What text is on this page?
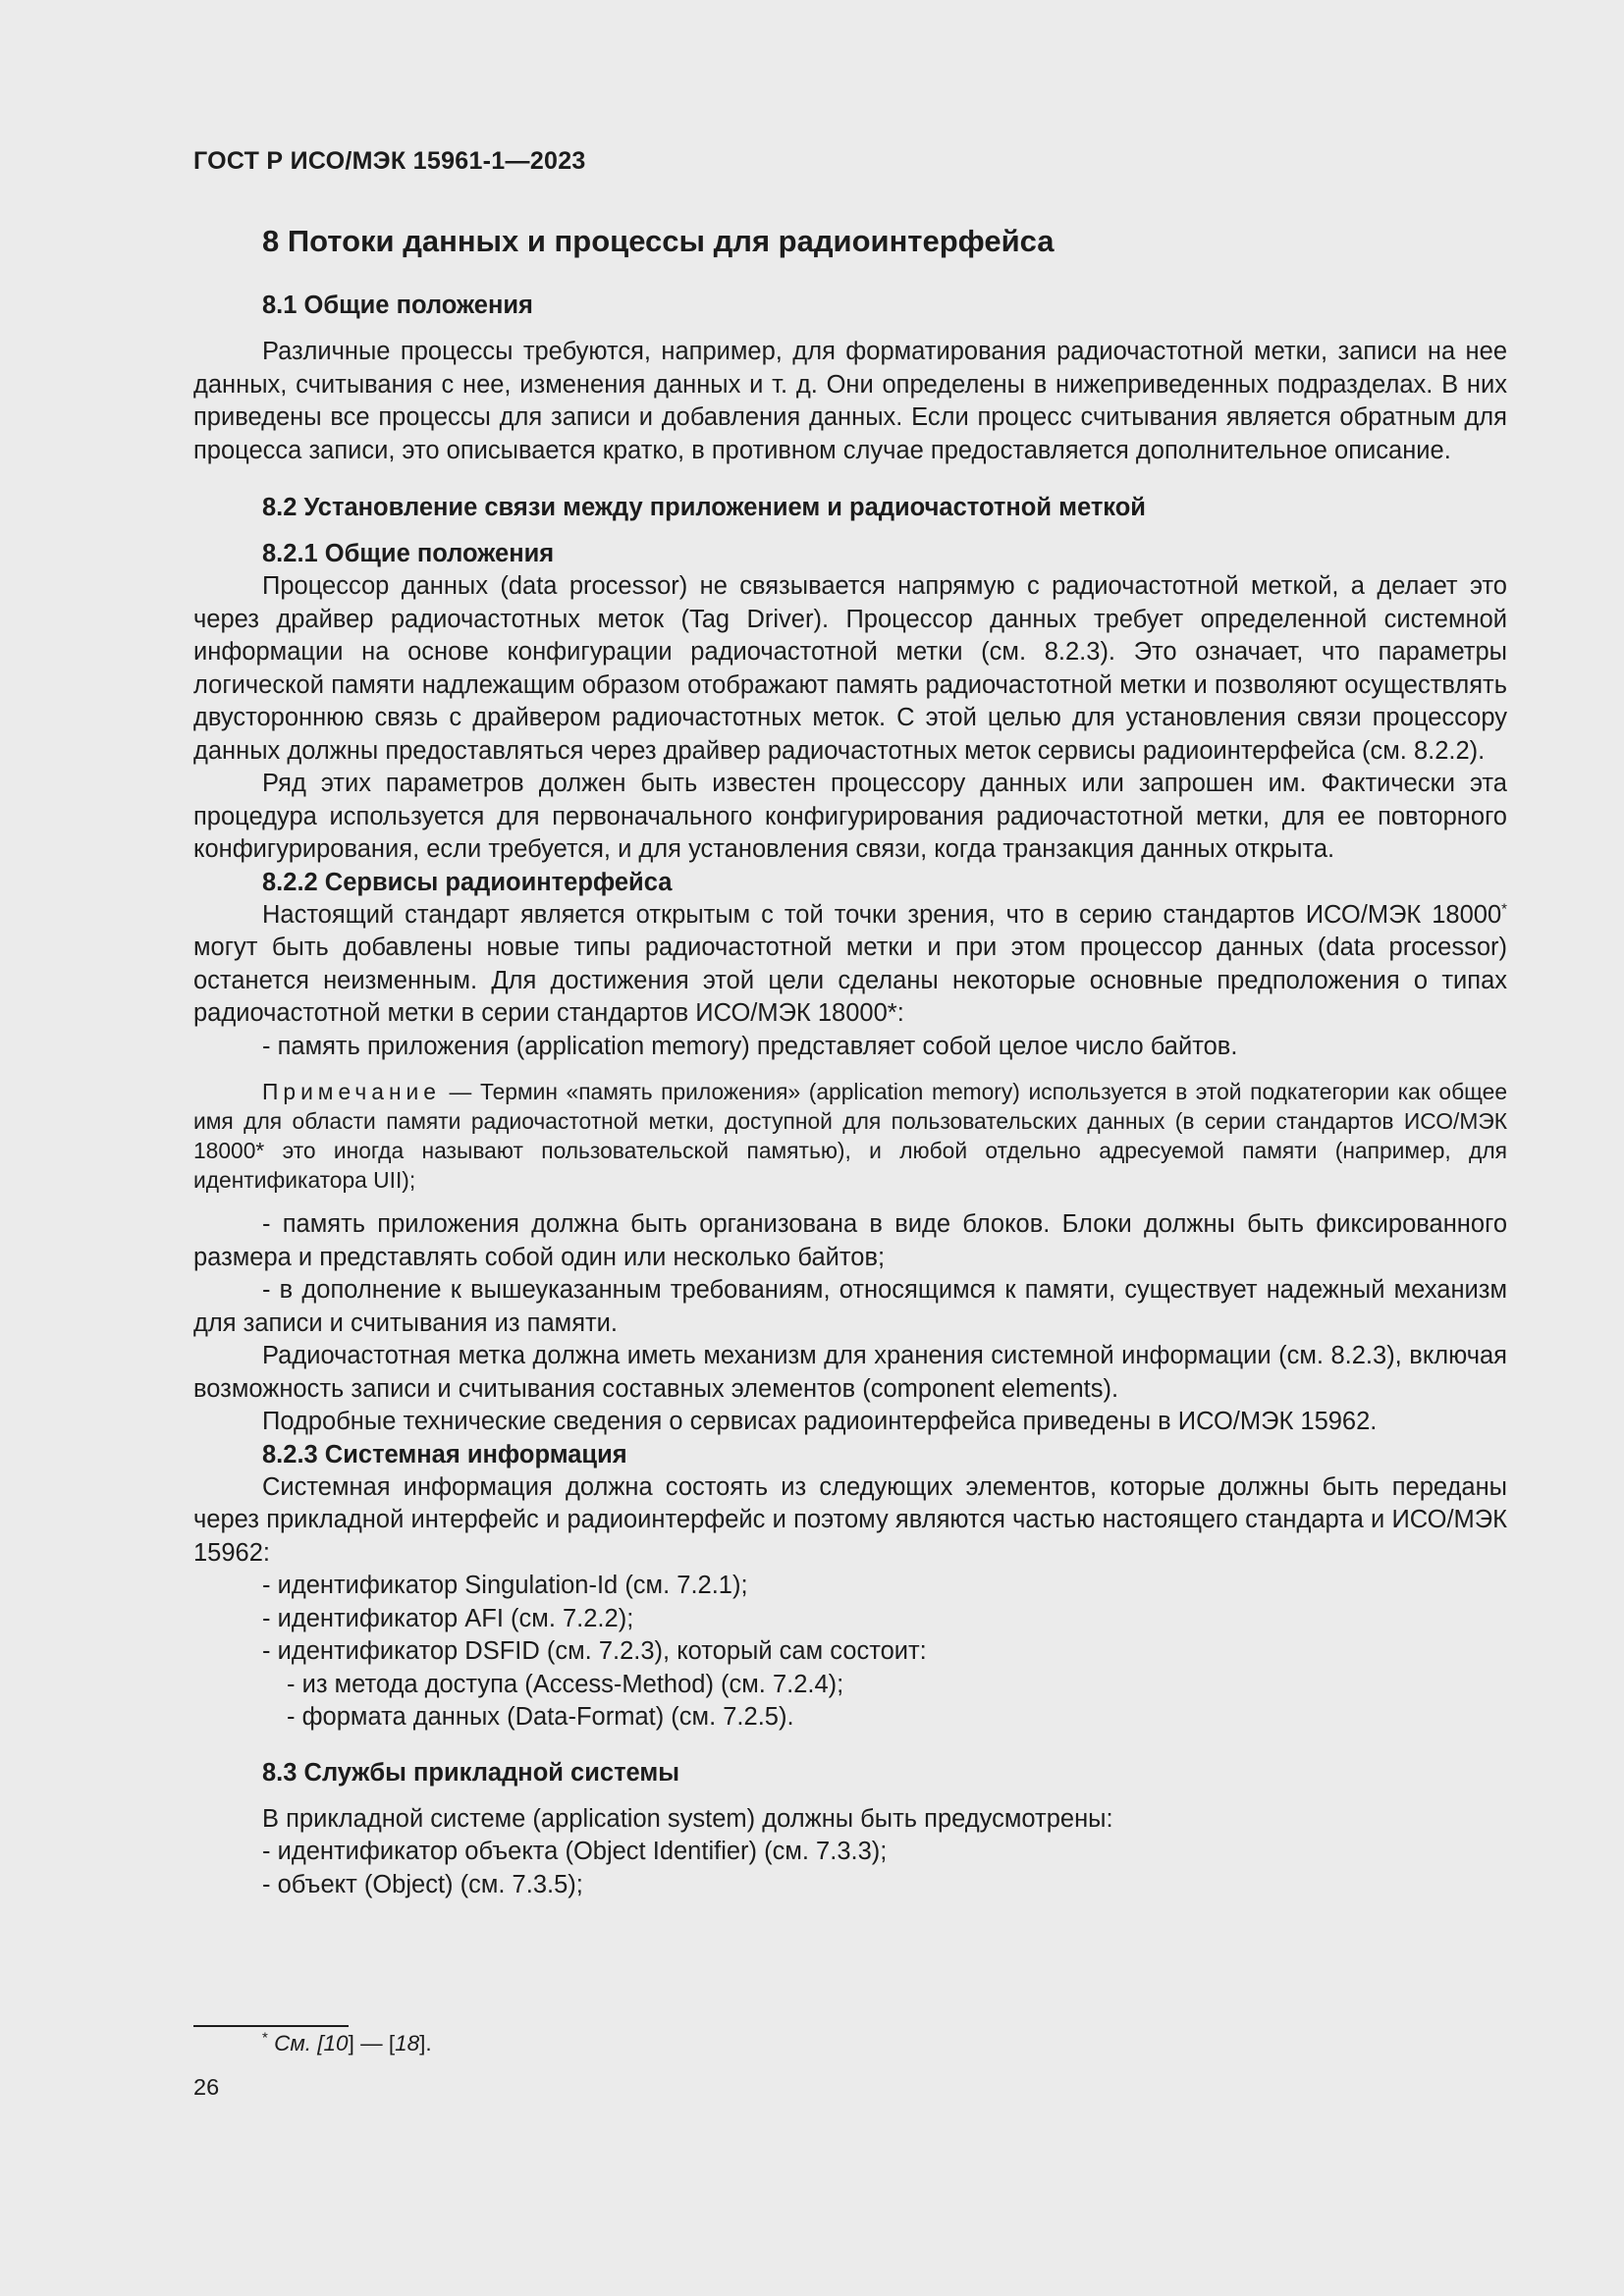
ГОСТ Р ИСО/МЭК 15961-1—2023
8 Потоки данных и процессы для радиоинтерфейса
8.1 Общие положения

Различные процессы требуются, например, для форматирования радиочастотной метки, записи на нее данных, считывания с нее, изменения данных и т. д. Они определены в нижеприведенных подразделах. В них приведены все процессы для записи и добавления данных. Если процесс считывания является обратным для процесса записи, это описывается кратко, в противном случае предоставляется дополнительное описание.

8.2 Установление связи между приложением и радиочастотной меткой
8.2.1 Общие положения

Процессор данных (data processor) не связывается напрямую с радиочастотной меткой, а делает это через драйвер радиочастотных меток (Tag Driver). Процессор данных требует определенной системной информации на основе конфигурации радиочастотной метки (см. 8.2.3). Это означает, что параметры логической памяти надлежащим образом отображают память радиочастотной метки и позволяют осуществлять двустороннюю связь с драйвером радиочастотных меток. С этой целью для установления связи процессору данных должны предоставляться через драйвер радиочастотных меток сервисы радиоинтерфейса (см. 8.2.2).

Ряд этих параметров должен быть известен процессору данных или запрошен им. Фактически эта процедура используется для первоначального конфигурирования радиочастотной метки, для ее повторного конфигурирования, если требуется, и для установления связи, когда транзакция данных открыта.

8.2.2 Сервисы радиоинтерфейса

Настоящий стандарт является открытым с той точки зрения, что в серию стандартов ИСО/МЭК 18000* могут быть добавлены новые типы радиочастотной метки и при этом процессор данных (data processor) останется неизменным. Для достижения этой цели сделаны некоторые основные предположения о типах радиочастотной метки в серии стандартов ИСО/МЭК 18000*:

- память приложения (application memory) представляет собой целое число байтов.

Примечание — Термин «память приложения» (application memory) используется в этой подкатегории как общее имя для области памяти радиочастотной метки, доступной для пользовательских данных (в серии стандартов ИСО/МЭК 18000* это иногда называют пользовательской памятью), и любой отдельно адресуемой памяти (например, для идентификатора UII);

- память приложения должна быть организована в виде блоков. Блоки должны быть фиксированного размера и представлять собой один или несколько байтов;

- в дополнение к вышеуказанным требованиям, относящимся к памяти, существует надежный механизм для записи и считывания из памяти.

Радиочастотная метка должна иметь механизм для хранения системной информации (см. 8.2.3), включая возможность записи и считывания составных элементов (component elements).

Подробные технические сведения о сервисах радиоинтерфейса приведены в ИСО/МЭК 15962.

8.2.3 Системная информация

Системная информация должна состоять из следующих элементов, которые должны быть переданы через прикладной интерфейс и радиоинтерфейс и поэтому являются частью настоящего стандарта и ИСО/МЭК 15962:

- идентификатор Singulation-Id (см. 7.2.1);
- идентификатор AFI (см. 7.2.2);
- идентификатор DSFID (см. 7.2.3), который сам состоит:
- из метода доступа (Access-Method) (см. 7.2.4);
- формата данных (Data-Format) (см. 7.2.5).
8.3 Службы прикладной системы
В прикладной системе (application system) должны быть предусмотрены:
- идентификатор объекта (Object Identifier) (см. 7.3.3);
- объект (Object) (см. 7.3.5);
* См. [10] — [18].
26
